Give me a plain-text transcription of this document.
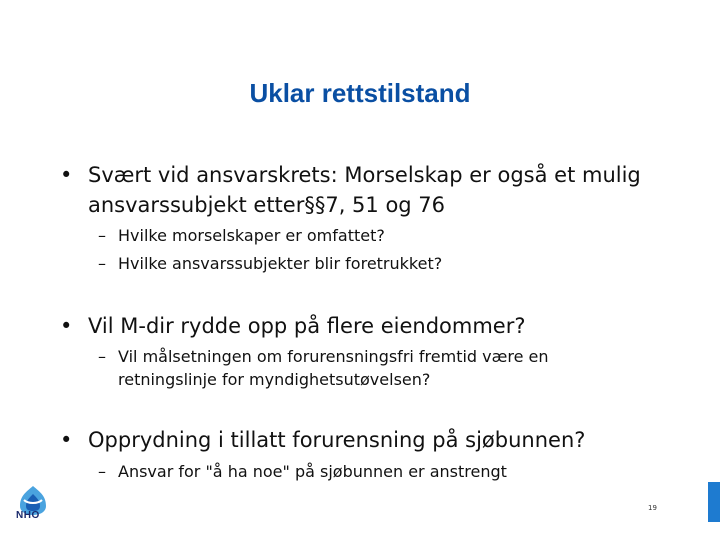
Uklar rettstilstand
• Svært vid ansvarskrets: Morselskap er også et mulig ansvarssubjekt etter§§7, 51 og 76
– Hvilke morselskaper er omfattet?
– Hvilke ansvarssubjekter blir foretrukket?
• Vil M-dir rydde opp på flere eiendommer?
– Vil målsetningen om forurensningsfri fremtid være en retningslinje for myndighetsutøvelsen?
• Opprydning i tillatt forurensning på sjøbunnen?
– Ansvar for "å ha noe" på sjøbunnen er anstrengt
NHO
19
